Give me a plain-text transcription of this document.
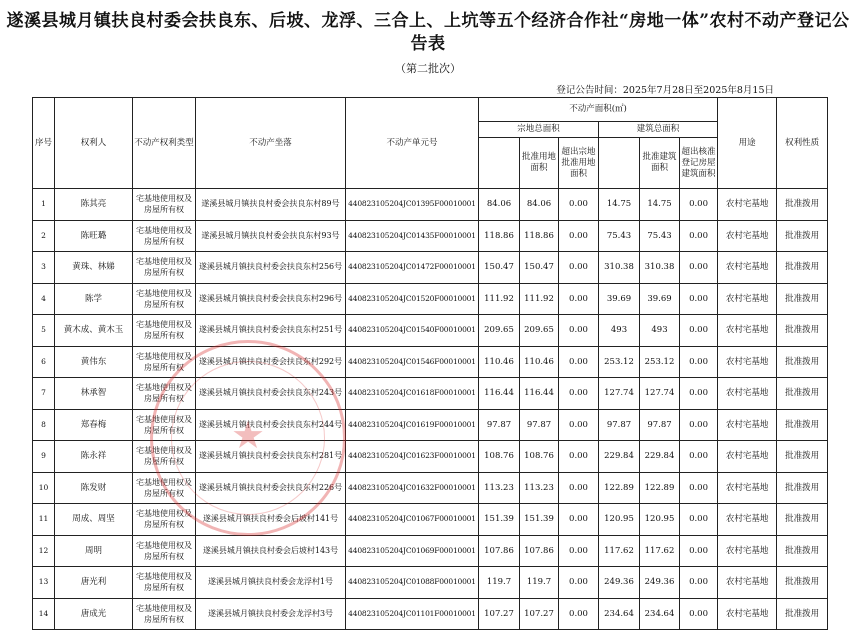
遂溪县城月镇扶良村委会扶良东、后坡、龙浮、三合上、上坑等五个经济合作社“房地一体”农村不动产登记公告表
（第二批次）
登记公告时间：2025年7月28日至2025年8月15日
序号	权利人	不动产权利类型	不动产坐落	不动产单元号	不动产面积(㎡)						用途	权利性质
					宗地总面积			建筑总面积				
						批准用地面积	超出宗地批准用地面积		批准建筑面积	超出核准登记房屋建筑面积		
1	陈其亮	宅基地使用权及房屋所有权	遂溪县城月镇扶良村委会扶良东村89号	440823105204JC01395F00010001	84.06	84.06	0.00	14.75	14.75	0.00	农村宅基地	批准拨用
2	陈旺璐	宅基地使用权及房屋所有权	遂溪县城月镇扶良村委会扶良东村93号	440823105204JC01435F00010001	118.86	118.86	0.00	75.43	75.43	0.00	农村宅基地	批准拨用
3	黄珠、林娣	宅基地使用权及房屋所有权	遂溪县城月镇扶良村委会扶良东村256号	440823105204JC01472F00010001	150.47	150.47	0.00	310.38	310.38	0.00	农村宅基地	批准拨用
4	陈学	宅基地使用权及房屋所有权	遂溪县城月镇扶良村委会扶良东村296号	440823105204JC01520F00010001	111.92	111.92	0.00	39.69	39.69	0.00	农村宅基地	批准拨用
5	黄木成、黄木玉	宅基地使用权及房屋所有权	遂溪县城月镇扶良村委会扶良东村251号	440823105204JC01540F00010001	209.65	209.65	0.00	493	493	0.00	农村宅基地	批准拨用
6	黄伟东	宅基地使用权及房屋所有权	遂溪县城月镇扶良村委会扶良东村292号	440823105204JC01546F00010001	110.46	110.46	0.00	253.12	253.12	0.00	农村宅基地	批准拨用
7	林承智	宅基地使用权及房屋所有权	遂溪县城月镇扶良村委会扶良东村243号	440823105204JC01618F00010001	116.44	116.44	0.00	127.74	127.74	0.00	农村宅基地	批准拨用
8	郑春梅	宅基地使用权及房屋所有权	遂溪县城月镇扶良村委会扶良东村244号	440823105204JC01619F00010001	97.87	97.87	0.00	97.87	97.87	0.00	农村宅基地	批准拨用
9	陈永祥	宅基地使用权及房屋所有权	遂溪县城月镇扶良村委会扶良东村281号	440823105204JC01623F00010001	108.76	108.76	0.00	229.84	229.84	0.00	农村宅基地	批准拨用
10	陈发财	宅基地使用权及房屋所有权	遂溪县城月镇扶良村委会扶良东村226号	440823105204JC01632F00010001	113.23	113.23	0.00	122.89	122.89	0.00	农村宅基地	批准拨用
11	周成、周坚	宅基地使用权及房屋所有权	遂溪县城月镇扶良村委会后坡村141号	440823105204JC01067F00010001	151.39	151.39	0.00	120.95	120.95	0.00	农村宅基地	批准拨用
12	周明	宅基地使用权及房屋所有权	遂溪县城月镇扶良村委会后坡村143号	440823105204JC01069F00010001	107.86	107.86	0.00	117.62	117.62	0.00	农村宅基地	批准拨用
13	唐光利	宅基地使用权及房屋所有权	遂溪县城月镇扶良村委会龙浮村1号	440823105204JC01088F00010001	119.7	119.7	0.00	249.36	249.36	0.00	农村宅基地	批准拨用
14	唐成光	宅基地使用权及房屋所有权	遂溪县城月镇扶良村委会龙浮村3号	440823105204JC01101F00010001	107.27	107.27	0.00	234.64	234.64	0.00	农村宅基地	批准拨用
★
